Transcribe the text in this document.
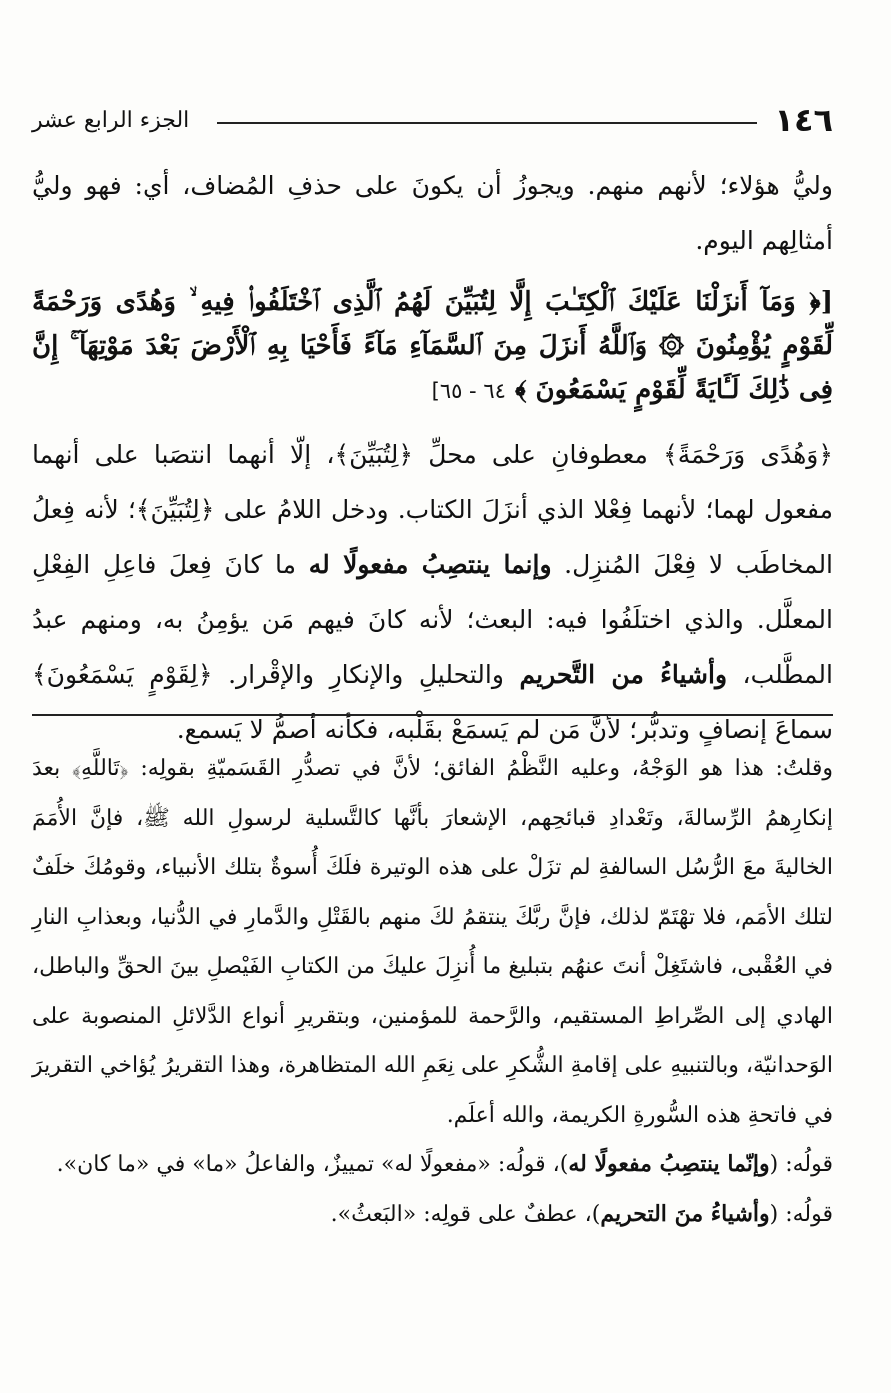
١٤٦
الجزء الرابع عشر

وليُّ هؤلاء؛ لأنهم منهم. ويجوزُ أن يكونَ على حذفِ المُضاف، أي: فهو وليُّ أمثالِهم اليوم.

[﴿ وَمَآ أَنزَلْنَا عَلَيْكَ ٱلْكِتَـٰبَ إِلَّا لِتُبَيِّنَ لَهُمُ ٱلَّذِى ٱخْتَلَفُوا۟ فِيهِ ۙ وَهُدًى وَرَحْمَةً لِّقَوْمٍ يُؤْمِنُونَ ۞ وَٱللَّهُ أَنزَلَ مِنَ ٱلسَّمَآءِ مَآءً فَأَحْيَا بِهِ ٱلْأَرْضَ بَعْدَ مَوْتِهَآ ۚ إِنَّ فِى ذَٰلِكَ لَـَٔايَةً لِّقَوْمٍ يَسْمَعُونَ ﴾ ٦٤ - ٦٥]

﴿وَهُدًى وَرَحْمَةً﴾ معطوفانِ على محلِّ ﴿لِتُبَيِّنَ﴾، إلّا أنهما انتصَبا على أنهما مفعول لهما؛ لأنهما فِعْلا الذي أنزَلَ الكتاب. ودخل اللامُ على ﴿لِتُبَيِّنَ﴾؛ لأنه فِعلُ المخاطَب لا فِعْلَ المُنزِل. وإنما ينتصِبُ مفعولًا له ما كانَ فِعلَ فاعِلِ الفِعْلِ المعلَّل. والذي اختلَفُوا فيه: البعث؛ لأنه كانَ فيهم مَن يؤمِنُ به، ومنهم عبدُ المطَّلب، وأشياءُ من التَّحريم والتحليلِ والإنكارِ والإقْرار. ﴿لِقَوْمٍ يَسْمَعُونَ﴾ سماعَ إنصافٍ وتدبُّر؛ لأنَّ مَن لم يَسمَعْ بقَلْبه، فكأنه أصمُّ لا يَسمع.

وقلتُ: هذا هو الوَجْهُ، وعليه النَّظْمُ الفائق؛ لأنَّ في تصدُّرِ القَسَميّةِ بقولِه: ﴿تَاللَّهِ﴾ بعدَ إنكارِهمُ الرِّسالةَ، وتَعْدادِ قبائحِهم، الإشعارَ بأنَّها كالتَّسلية لرسولِ الله ﷺ، فإنَّ الأُمَمَ الخاليةَ معَ الرُّسُل السالفةِ لم تزَلْ على هذه الوتيرة فلَكَ أُسوةٌ بتلك الأنبياء، وقومُكَ خلَفٌ لتلك الأمَم، فلا تهْتَمّ لذلك، فإنَّ ربَّكَ ينتقمُ لكَ منهم بالقَتْلِ والدَّمارِ في الدُّنيا، وبعذابِ النارِ في العُقْبى، فاشتَغِلْ أنتَ عنهُم بتبليغ ما أُنزِلَ عليكَ من الكتابِ الفَيْصلِ بينَ الحقِّ والباطل، الهادي إلى الصِّراطِ المستقيم، والرَّحمة للمؤمنين، وبتقريرِ أنواع الدَّلائلِ المنصوبة على الوَحدانيّة، وبالتنبيهِ على إقامةِ الشُّكرِ على نِعَمِ الله المتظاهرة، وهذا التقريرُ يُؤاخي التقريرَ في فاتحةِ هذه السُّورةِ الكريمة، والله أعلَم.

قولُه: (وإنّما ينتصِبُ مفعولًا له)، قولُه: «مفعولًا له» تمييزٌ، والفاعلُ «ما» في «ما كان».

قولُه: (وأشياءُ منَ التحريم)، عطفٌ على قولِه: «البَعثُ».
